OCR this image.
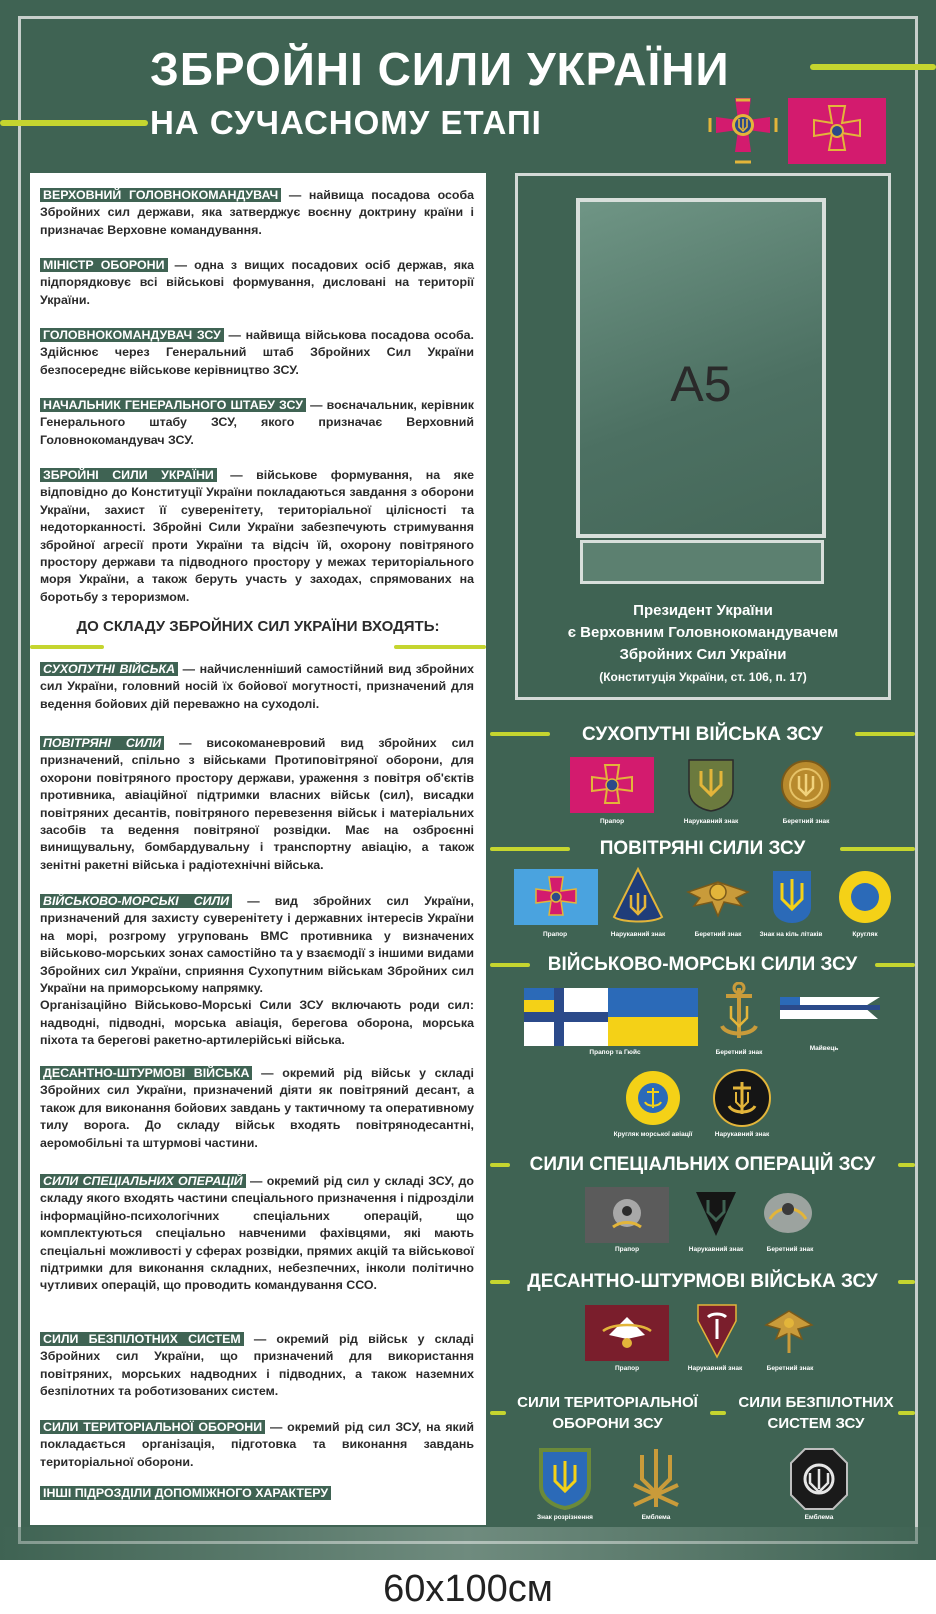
ЗБРОЙНІ СИЛИ УКРАЇНИ
НА СУЧАСНОМУ ЕТАПІ
ВЕРХОВНИЙ ГОЛОВНОКОМАНДУВАЧ — найвища посадова особа Збройних сил держави, яка затверджує воєнну доктрину країни і призначає Верховне командування.
МІНІСТР ОБОРОНИ — одна з вищих посадових осіб держав, яка підпорядковує всі військові формування, дисловані на території України.
ГОЛОВНОКОМАНДУВАЧ ЗСУ — найвища військова посадова особа. Здійснює через Генеральний штаб Збройних Сил України безпосереднє військове керівництво ЗСУ.
НАЧАЛЬНИК ГЕНЕРАЛЬНОГО ШТАБУ ЗСУ — воєначальник, керівник Генерального штабу ЗСУ, якого призначає Верховний Головнокомандувач ЗСУ.
ЗБРОЙНІ СИЛИ УКРАЇНИ — військове формування, на яке відповідно до Конституції України покладаються завдання з оборони України, захист її суверенітету, територіальної цілісності та недоторканності. Збройні Сили України забезпечують стримування збройної агресії проти України та відсіч їй, охорону повітряного простору держави та підводного простору у межах територіального моря України, а також беруть участь у заходах, спрямованих на боротьбу з тероризмом.
ДО СКЛАДУ ЗБРОЙНИХ СИЛ УКРАЇНИ ВХОДЯТЬ:
СУХОПУТНІ ВІЙСЬКА — найчисленніший самостійний вид збройних сил України, головний носій їх бойової могутності, призначений для ведення бойових дій переважно на суходолі.
ПОВІТРЯНІ СИЛИ — високоманевровий вид збройних сил призначений, спільно з військами Протиповітряної оборони, для охорони повітряного простору держави, ураження з повітря об'єктів противника, авіаційної підтримки власних військ (сил), висадки повітряних десантів, повітряного перевезення військ і матеріальних засобів та ведення повітряної розвідки. Має на озброєнні винищувальну, бомбардувальну і транспортну авіацію, а також зенітні ракетні війська і радіотехнічні війська.
ВІЙСЬКОВО-МОРСЬКІ СИЛИ — вид збройних сил України, призначений для захисту суверенітету і державних інтересів України на морі, розгрому угруповань ВМС противника у визначених військово-морських зонах самостійно та у взаємодії з іншими видами Збройних сил України, сприяння Сухопутним військам Збройних сил України на приморському напрямку.
Організаційно Військово-Морські Сили ЗСУ включають роди сил: надводні, підводні, морська авіація, берегова оборона, морська піхота та берегові ракетно-артилерійські війська.
ДЕСАНТНО-ШТУРМОВІ ВІЙСЬКА — окремий рід військ у складі Збройних сил України, призначений діяти як повітряний десант, а також для виконання бойових завдань у тактичному та оперативному тилу ворога. До складу військ входять повітрянодесантні, аеромобільні та штурмові частини.
СИЛИ СПЕЦІАЛЬНИХ ОПЕРАЦІЙ — окремий рід сил у складі ЗСУ, до складу якого входять частини спеціального призначення і підрозділи інформаційно-психологічних спеціальних операцій, що комплектуються спеціально навченими фахівцями, які мають спеціальні можливості у сферах розвідки, прямих акцій та військової підтримки для виконання складних, небезпечних, інколи політично чутливих операцій, що проводить командування ССО.
СИЛИ БЕЗПІЛОТНИХ СИСТЕМ — окремий рід військ у складі Збройних сил України, що призначений для використання повітряних, морських надводних і підводних, а також наземних безпілотних та роботизованих систем.
СИЛИ ТЕРИТОРІАЛЬНОЇ ОБОРОНИ — окремий рід сил ЗСУ, на який покладається організація, підготовка та виконання завдань територіальної оборони.
ІНШІ ПІДРОЗДІЛИ ДОПОМІЖНОГО ХАРАКТЕРУ
А5
Президент України
є Верховним Головнокомандувачем
Збройних Сил України
(Конституція України, ст. 106, п. 17)
СУХОПУТНІ ВІЙСЬКА ЗСУ
Прапор	Нарукавний знак	Беретний знак
ПОВІТРЯНІ СИЛИ ЗСУ
Прапор	Нарукавний знак	Беретний знак	Знак на кіль літаків	Кругляк
ВІЙСЬКОВО-МОРСЬКІ СИЛИ ЗСУ
Прапор та Гюйс	Беретний знак
Майвець
Кругляк морської авіації	Нарукавний знак
СИЛИ СПЕЦІАЛЬНИХ ОПЕРАЦІЙ ЗСУ
Прапор	Нарукавний знак	Беретний знак
ДЕСАНТНО-ШТУРМОВІ ВІЙСЬКА ЗСУ
Прапор	Нарукавний знак	Беретний знак
СИЛИ ТЕРИТОРІАЛЬНОЇ
ОБОРОНИ ЗСУ
СИЛИ БЕЗПІЛОТНИХ
СИСТЕМ ЗСУ
Знак розрізнення	Емблема	Емблема
60x100см
